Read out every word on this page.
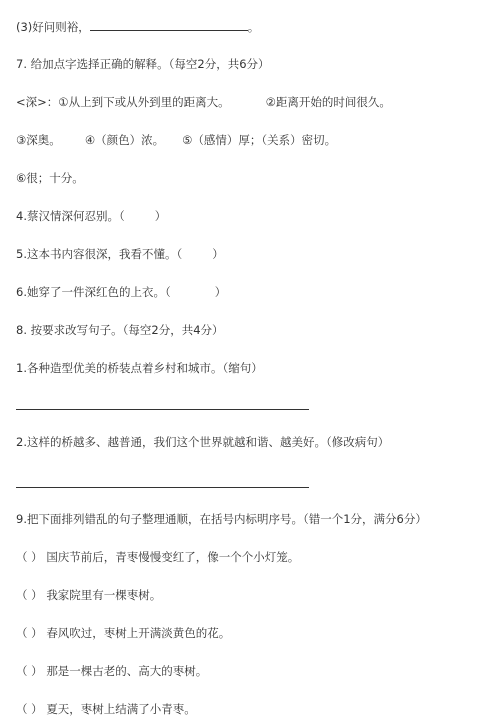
(3)好问则裕，	。
7. 给加点字选择正确的解释。（每空2分，共6分）
<深>：①从上到下或从外到里的距离大。	②距离开始的时间很久。
③深奥。 ④（颜色）浓。 ⑤（感情）厚；（关系）密切。
⑥很；十分。
4.蔡汉情深何忍别。（	）
5.这本书内容很深，我看不懂。（	）
6.她穿了一件深红色的上衣。（	）
8. 按要求改写句子。（每空2分，共4分）
1.各种造型优美的桥装点着乡村和城市。（缩句）
2.这样的桥越多、越普通，我们这个世界就越和谐、越美好。（修改病句）
9.把下面排列错乱的句子整理通顺，在括号内标明序号。（错一个1分，满分6分）
（ ） 国庆节前后，青枣慢慢变红了，像一个个小灯笼。
（ ） 我家院里有一棵枣树。
（ ） 春风吹过，枣树上开满淡黄色的花。
（ ） 那是一棵古老的、高大的枣树。
（ ） 夏天，枣树上结满了小青枣。
